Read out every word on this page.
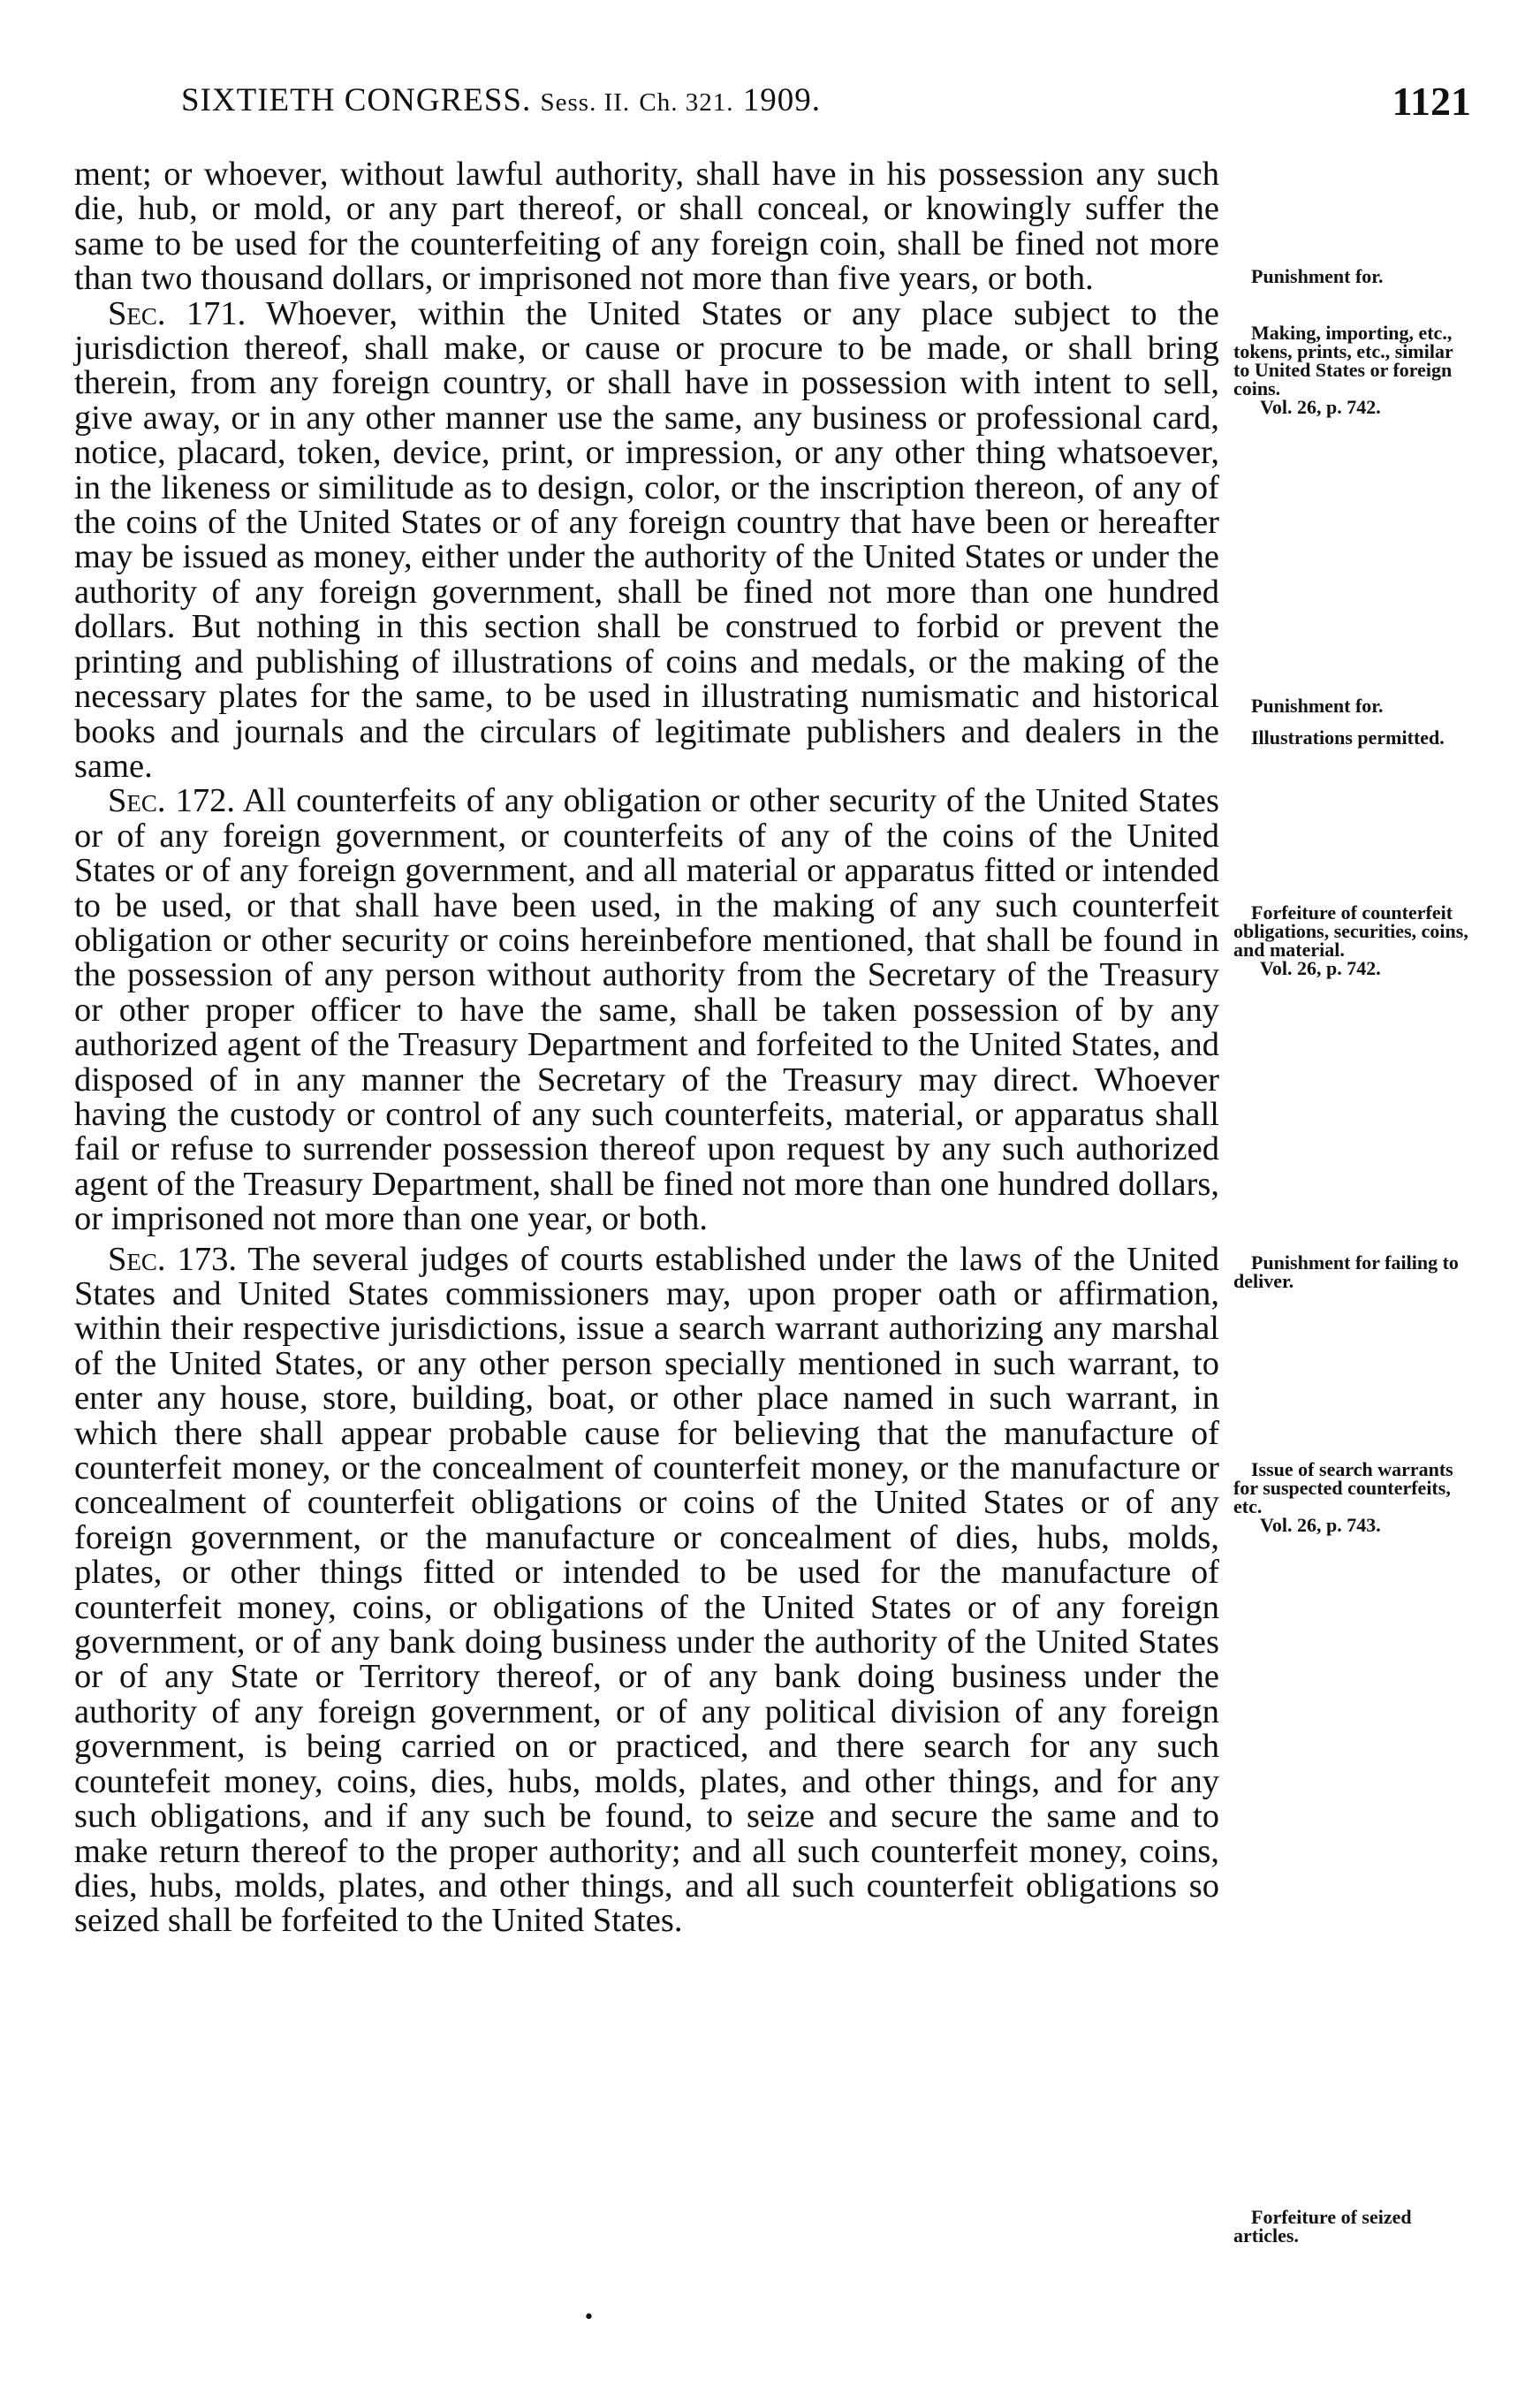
SIXTIETH CONGRESS. Sess. II. Ch. 321. 1909.	1121

ment; or whoever, without lawful authority, shall have in his possession any such die, hub, or mold, or any part thereof, or shall conceal, or knowingly suffer the same to be used for the counterfeiting of any foreign coin, shall be fined not more than two thousand dollars, or imprisoned not more than five years, or both.

Sec. 171. Whoever, within the United States or any place subject to the jurisdiction thereof, shall make, or cause or procure to be made, or shall bring therein, from any foreign country, or shall have in possession with intent to sell, give away, or in any other manner use the same, any business or professional card, notice, placard, token, device, print, or impression, or any other thing whatsoever, in the likeness or similitude as to design, color, or the inscription thereon, of any of the coins of the United States or of any foreign country that have been or hereafter may be issued as money, either under the authority of the United States or under the authority of any foreign government, shall be fined not more than one hundred dollars. But nothing in this section shall be construed to forbid or prevent the printing and publishing of illustrations of coins and medals, or the making of the necessary plates for the same, to be used in illustrating numismatic and historical books and journals and the circulars of legitimate publishers and dealers in the same.

Sec. 172. All counterfeits of any obligation or other security of the United States or of any foreign government, or counterfeits of any of the coins of the United States or of any foreign government, and all material or apparatus fitted or intended to be used, or that shall have been used, in the making of any such counterfeit obligation or other security or coins hereinbefore mentioned, that shall be found in the possession of any person without authority from the Secretary of the Treasury or other proper officer to have the same, shall be taken possession of by any authorized agent of the Treasury Department and forfeited to the United States, and disposed of in any manner the Secretary of the Treasury may direct. Whoever having the custody or control of any such counterfeits, material, or apparatus shall fail or refuse to surrender possession thereof upon request by any such authorized agent of the Treasury Department, shall be fined not more than one hundred dollars, or imprisoned not more than one year, or both.

Sec. 173. The several judges of courts established under the laws of the United States and United States commissioners may, upon proper oath or affirmation, within their respective jurisdictions, issue a search warrant authorizing any marshal of the United States, or any other person specially mentioned in such warrant, to enter any house, store, building, boat, or other place named in such warrant, in which there shall appear probable cause for believing that the manufacture of counterfeit money, or the concealment of counterfeit money, or the manufacture or concealment of counterfeit obligations or coins of the United States or of any foreign government, or the manufacture or concealment of dies, hubs, molds, plates, or other things fitted or intended to be used for the manufacture of counterfeit money, coins, or obligations of the United States or of any foreign government, or of any bank doing business under the authority of the United States or of any State or Territory thereof, or of any bank doing business under the authority of any foreign government, or of any political division of any foreign government, is being carried on or practiced, and there search for any such countefeit money, coins, dies, hubs, molds, plates, and other things, and for any such obligations, and if any such be found, to seize and secure the same and to make return thereof to the proper authority; and all such counterfeit money, coins, dies, hubs, molds, plates, and other things, and all such counterfeit obligations so seized shall be forfeited to the United States.

Punishment for.
Making, importing, etc., tokens, prints, etc., similar to United States or foreign coins.
Vol. 26, p. 742.
Punishment for.
Illustrations permitted.
Forfeiture of counterfeit obligations, securities, coins, and material.
Vol. 26, p. 742.
Punishment for failing to deliver.
Issue of search warrants for suspected counterfeits, etc.
Vol. 26, p. 743.
Forfeiture of seized articles.
•
